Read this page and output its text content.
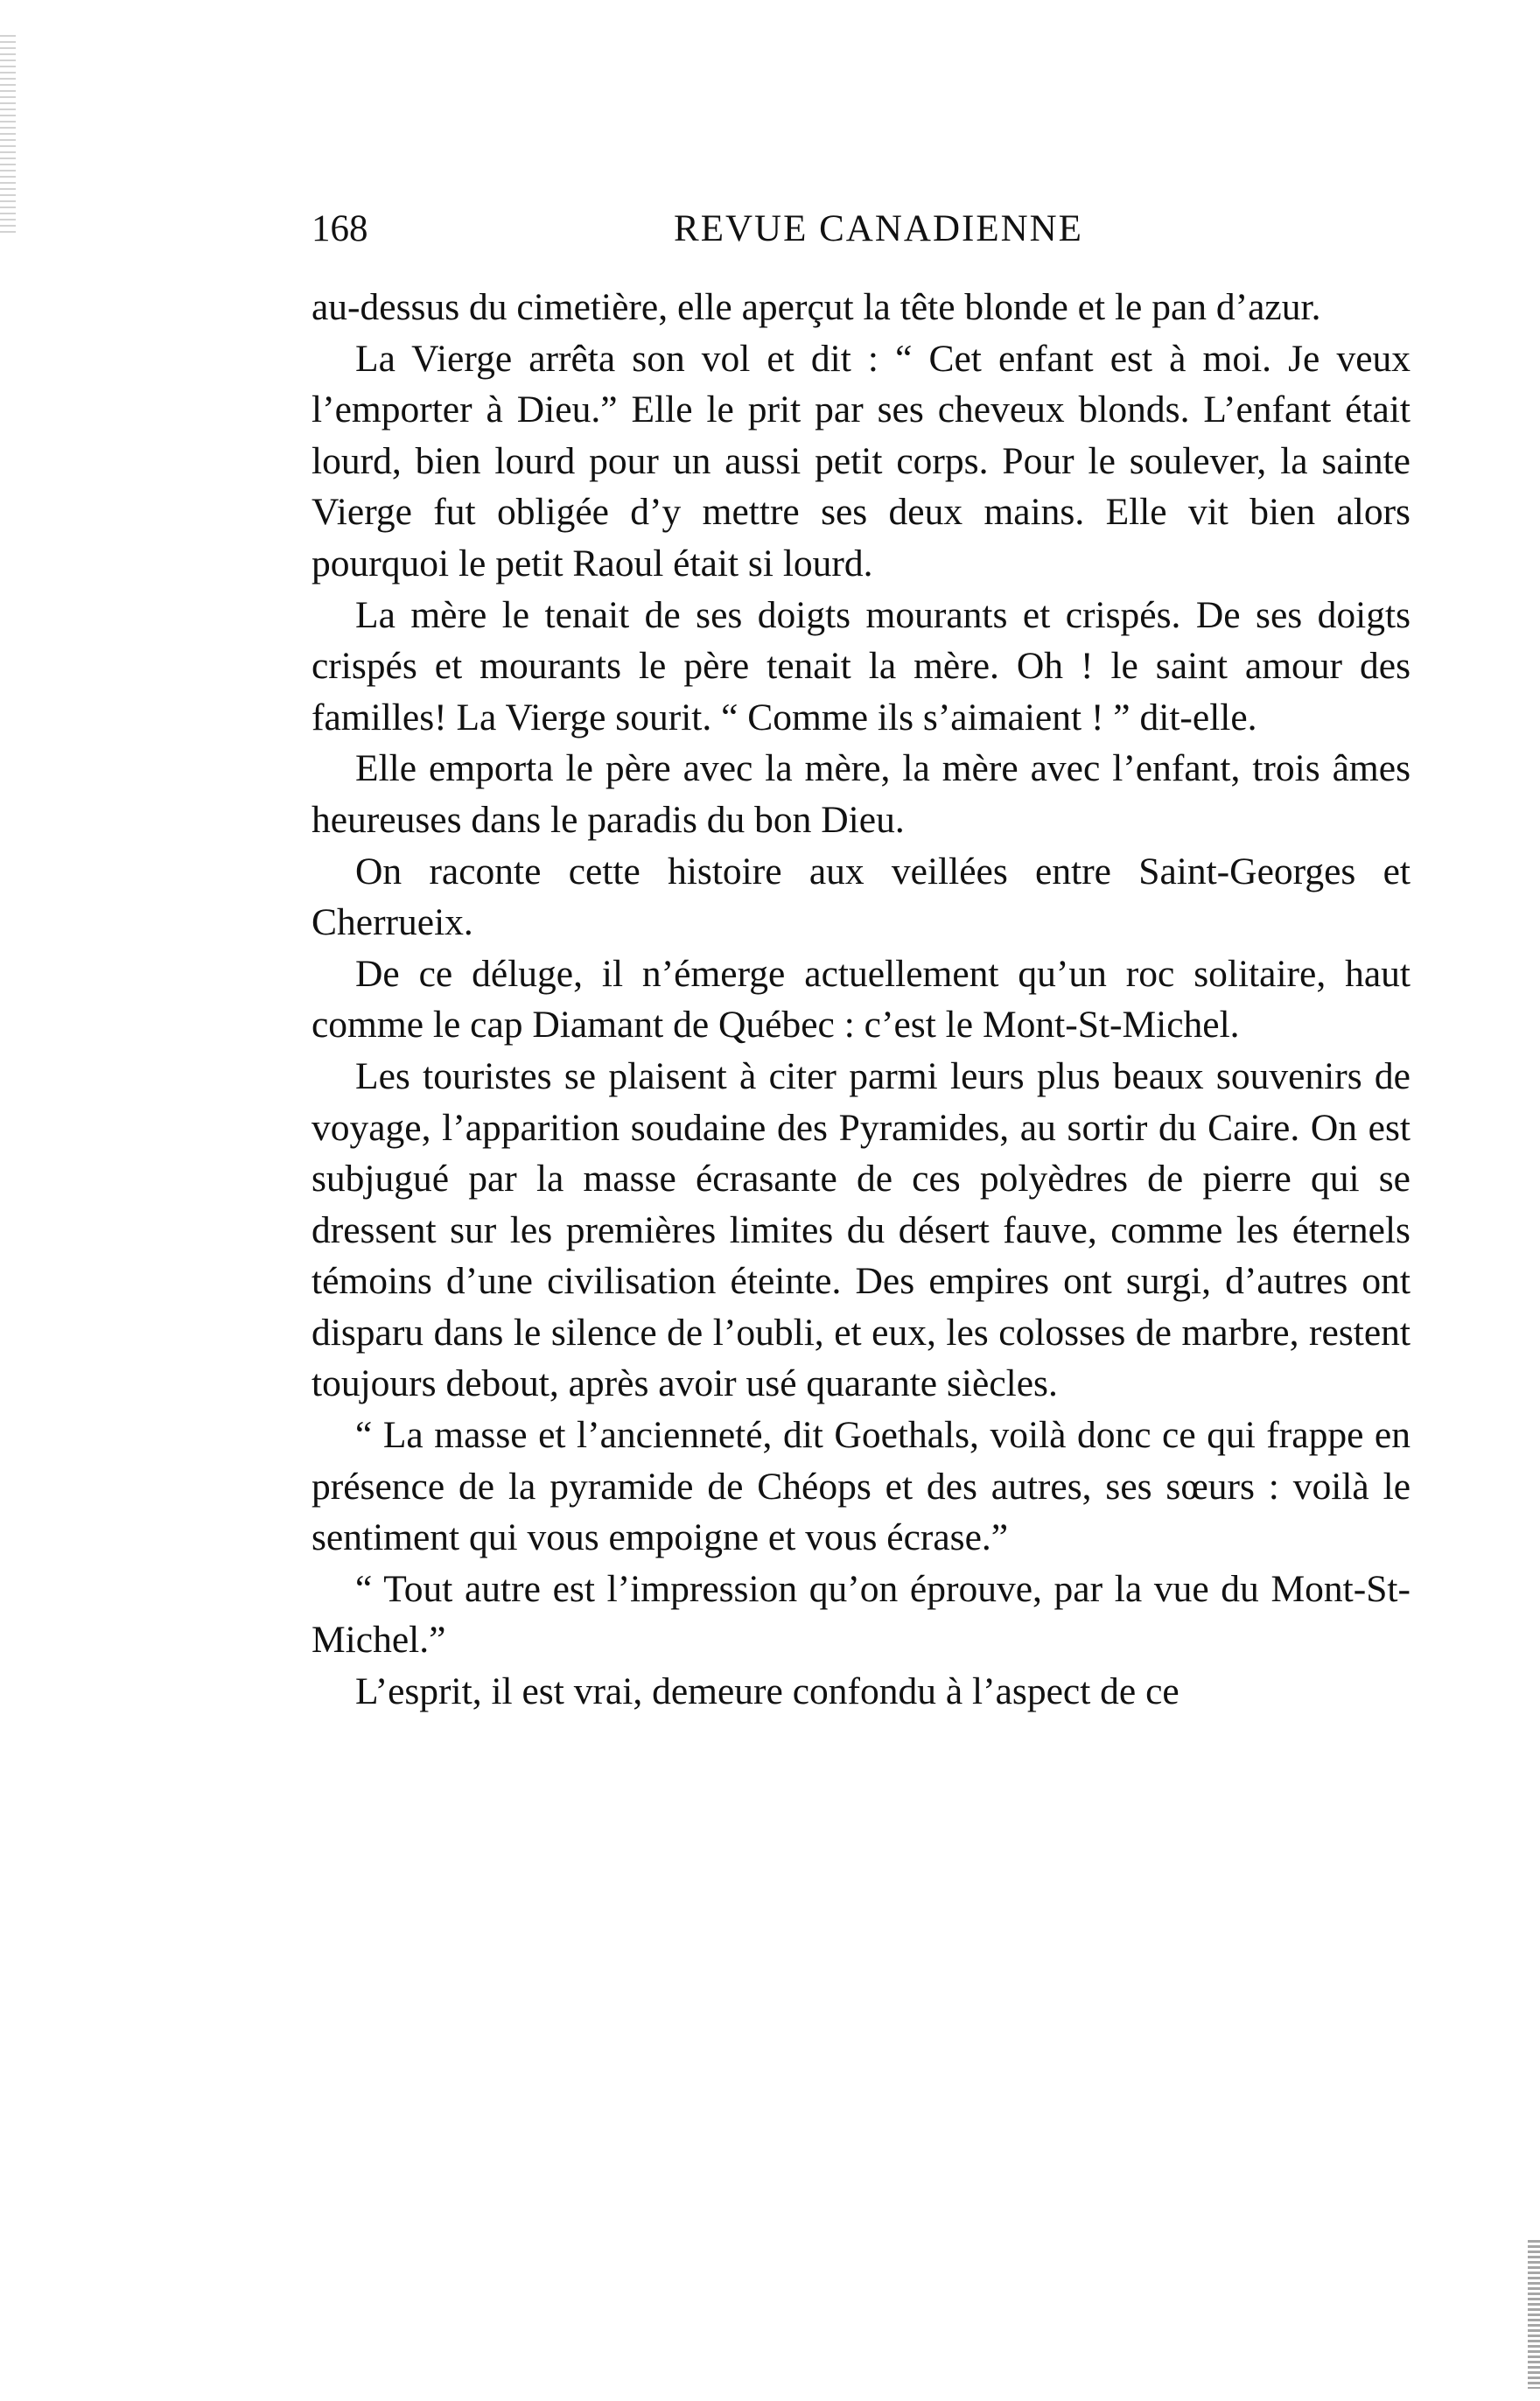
168	REVUE CANADIENNE

au-dessus du cimetière, elle aperçut la tête blonde et le pan d’azur.

La Vierge arrêta son vol et dit : “ Cet enfant est à moi. Je veux l’emporter à Dieu.” Elle le prit par ses cheveux blonds. L’enfant était lourd, bien lourd pour un aussi petit corps. Pour le soulever, la sainte Vierge fut obligée d’y mettre ses deux mains. Elle vit bien alors pourquoi le petit Raoul était si lourd.

La mère le tenait de ses doigts mourants et crispés. De ses doigts crispés et mourants le père tenait la mère. Oh ! le saint amour des familles! La Vierge sourit. “ Comme ils s’aimaient ! ” dit-elle.

Elle emporta le père avec la mère, la mère avec l’enfant, trois âmes heureuses dans le paradis du bon Dieu.

On raconte cette histoire aux veillées entre Saint-Georges et Cherrueix.

De ce déluge, il n’émerge actuellement qu’un roc solitaire, haut comme le cap Diamant de Québec : c’est le Mont-St-Michel.

Les touristes se plaisent à citer parmi leurs plus beaux souvenirs de voyage, l’apparition soudaine des Pyramides, au sortir du Caire. On est subjugué par la masse écrasante de ces polyèdres de pierre qui se dressent sur les premières limites du désert fauve, comme les éternels témoins d’une civilisation éteinte. Des empires ont surgi, d’autres ont disparu dans le silence de l’oubli, et eux, les colosses de marbre, restent toujours debout, après avoir usé quarante siècles.

“ La masse et l’ancienneté, dit Goethals, voilà donc ce qui frappe en présence de la pyramide de Chéops et des autres, ses sœurs : voilà le sentiment qui vous empoigne et vous écrase.”

“ Tout autre est l’impression qu’on éprouve, par la vue du Mont-St-Michel.”

L’esprit, il est vrai, demeure confondu à l’aspect de ce
